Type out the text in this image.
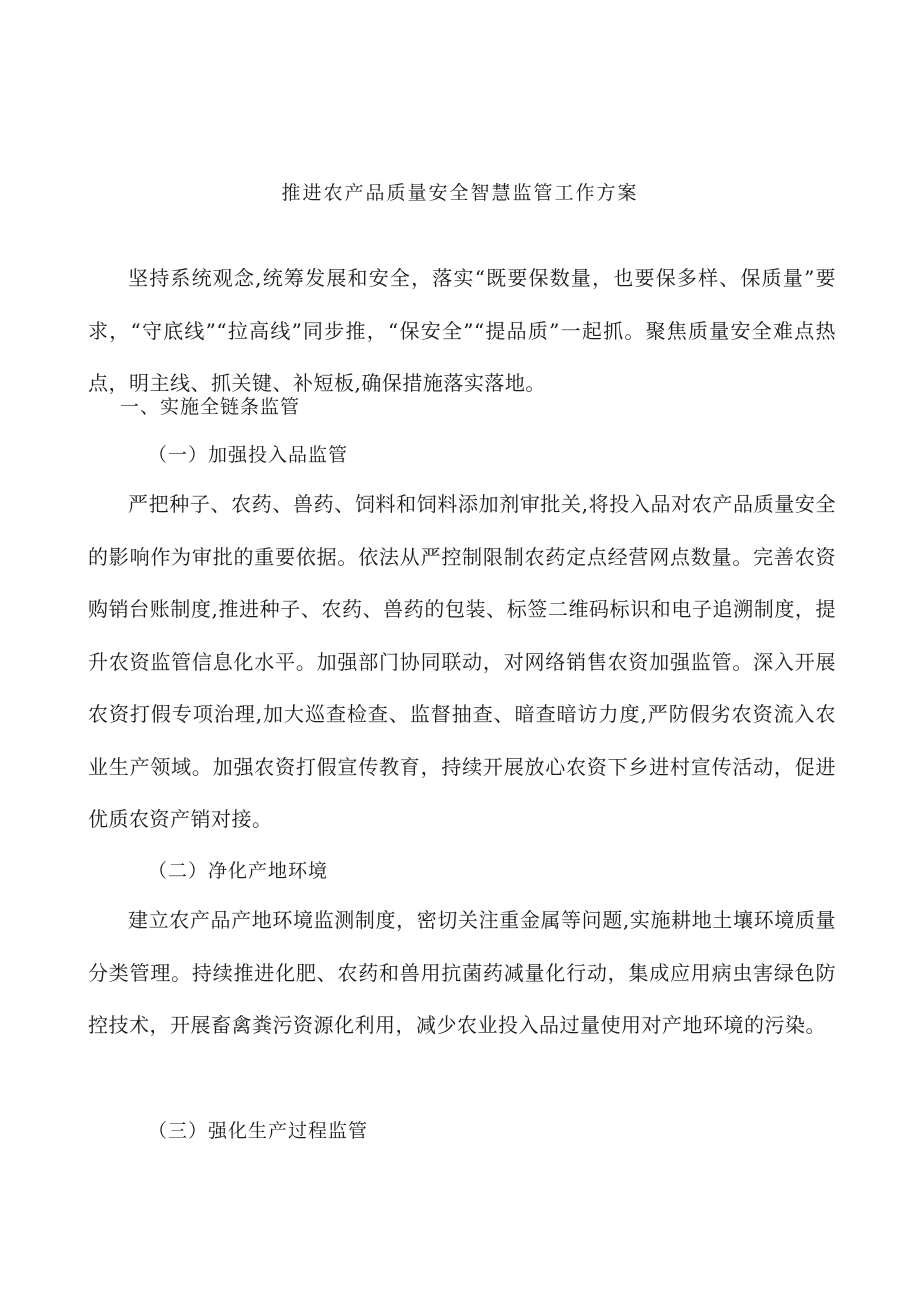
推进农产品质量安全智慧监管工作方案
坚持系统观念,统筹发展和安全，落实“既要保数量，也要保多样、保质量”要求，“守底线”“拉高线”同步推，“保安全”“提品质”一起抓。聚焦质量安全难点热点，明主线、抓关键、补短板,确保措施落实落地。
一、实施全链条监管
（一）加强投入品监管
严把种子、农药、兽药、饲料和饲料添加剂审批关,将投入品对农产品质量安全的影响作为审批的重要依据。依法从严控制限制农药定点经营网点数量。完善农资购销台账制度,推进种子、农药、兽药的包装、标签二维码标识和电子追溯制度，提升农资监管信息化水平。加强部门协同联动，对网络销售农资加强监管。深入开展农资打假专项治理,加大巡查检查、监督抽查、暗查暗访力度,严防假劣农资流入农业生产领域。加强农资打假宣传教育，持续开展放心农资下乡进村宣传活动，促进优质农资产销对接。
（二）净化产地环境
建立农产品产地环境监测制度，密切关注重金属等问题,实施耕地土壤环境质量分类管理。持续推进化肥、农药和兽用抗菌药减量化行动，集成应用病虫害绿色防控技术，开展畜禽粪污资源化利用，减少农业投入品过量使用对产地环境的污染。
（三）强化生产过程监管
